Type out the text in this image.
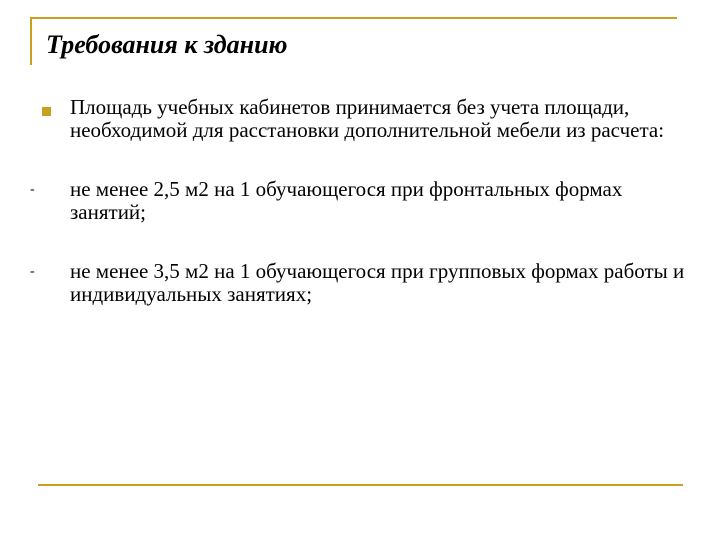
Требования к зданию
Площадь учебных кабинетов принимается без учета площади, необходимой для расстановки дополнительной мебели из расчета:
- не менее 2,5 м2 на 1 обучающегося при фронтальных формах занятий;
- не менее 3,5 м2 на 1 обучающегося при групповых формах работы и индивидуальных занятиях;
